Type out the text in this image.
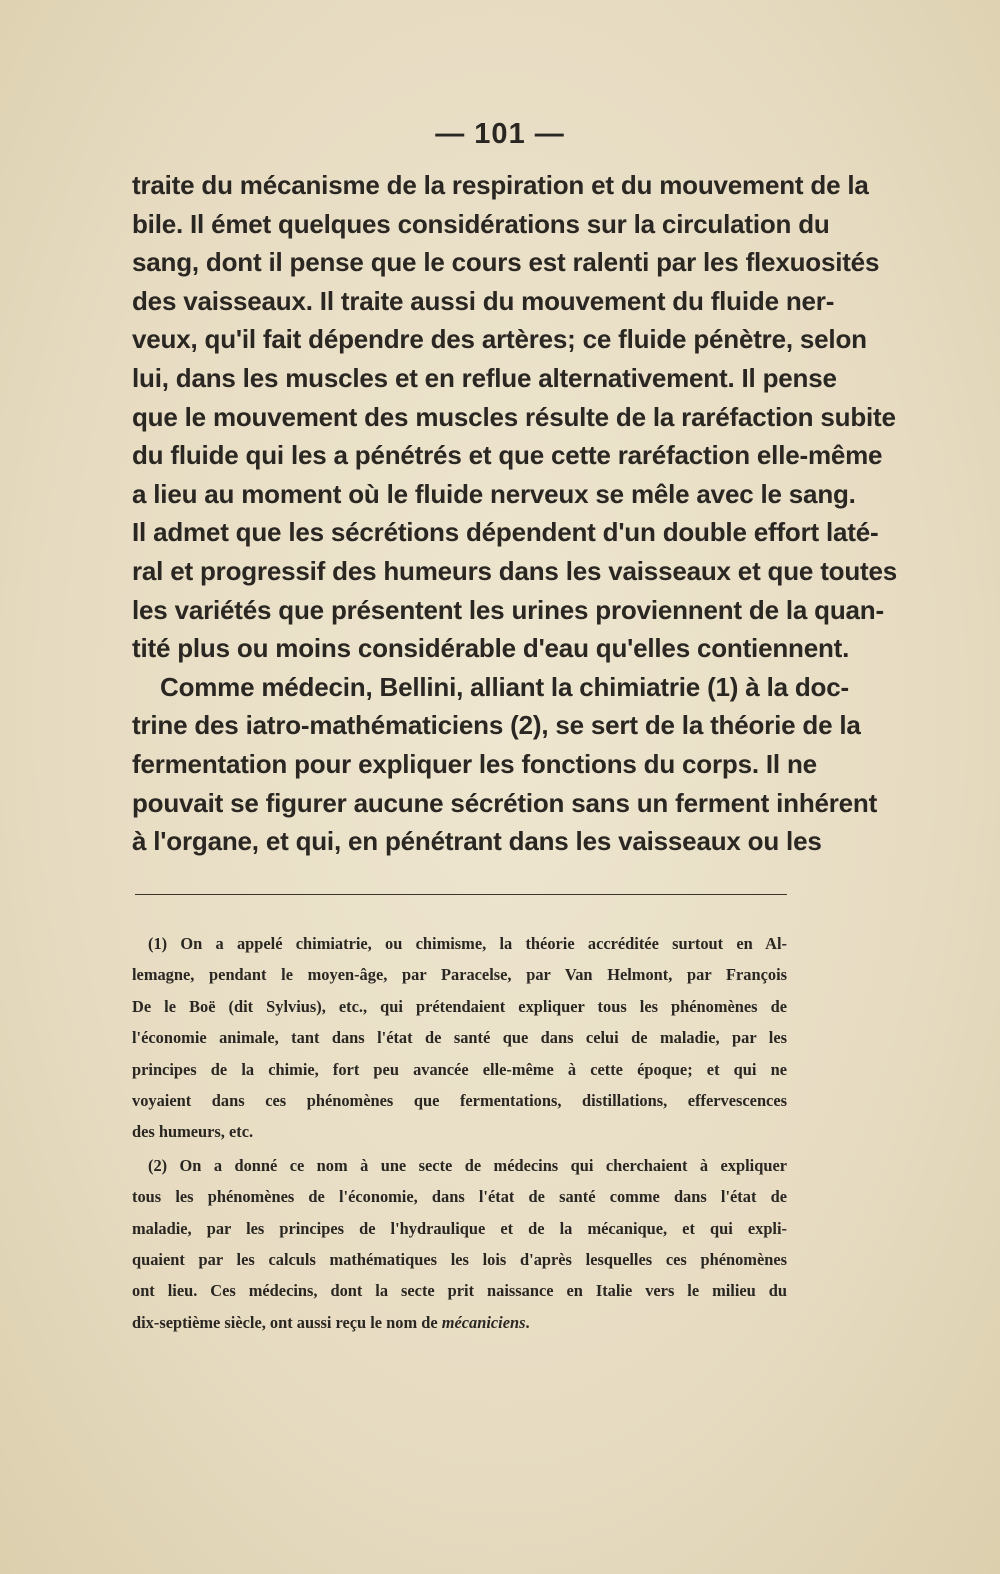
— 101 —
traite du mécanisme de la respiration et du mouvement de la
bile. Il émet quelques considérations sur la circulation du
sang, dont il pense que le cours est ralenti par les flexuosités
des vaisseaux. Il traite aussi du mouvement du fluide ner-
veux, qu'il fait dépendre des artères; ce fluide pénètre, selon
lui, dans les muscles et en reflue alternativement. Il pense
que le mouvement des muscles résulte de la raréfaction subite
du fluide qui les a pénétrés et que cette raréfaction elle-même
a lieu au moment où le fluide nerveux se mêle avec le sang.
Il admet que les sécrétions dépendent d'un double effort laté-
ral et progressif des humeurs dans les vaisseaux et que toutes
les variétés que présentent les urines proviennent de la quan-
tité plus ou moins considérable d'eau qu'elles contiennent.
Comme médecin, Bellini, alliant la chimiatrie (1) à la doc-
trine des iatro-mathématiciens (2), se sert de la théorie de la
fermentation pour expliquer les fonctions du corps. Il ne
pouvait se figurer aucune sécrétion sans un ferment inhérent
à l'organe, et qui, en pénétrant dans les vaisseaux ou les
(1) On a appelé chimiatrie, ou chimisme, la théorie accréditée surtout en Al-
lemagne, pendant le moyen-âge, par Paracelse, par Van Helmont, par François
De le Boë (dit Sylvius), etc., qui prétendaient expliquer tous les phénomènes de
l'économie animale, tant dans l'état de santé que dans celui de maladie, par les
principes de la chimie, fort peu avancée elle-même à cette époque; et qui ne
voyaient dans ces phénomènes que fermentations, distillations, effervescences
des humeurs, etc.
(2) On a donné ce nom à une secte de médecins qui cherchaient à expliquer
tous les phénomènes de l'économie, dans l'état de santé comme dans l'état de
maladie, par les principes de l'hydraulique et de la mécanique, et qui expli-
quaient par les calculs mathématiques les lois d'après lesquelles ces phénomènes
ont lieu. Ces médecins, dont la secte prit naissance en Italie vers le milieu du
dix-septième siècle, ont aussi reçu le nom de mécaniciens.
